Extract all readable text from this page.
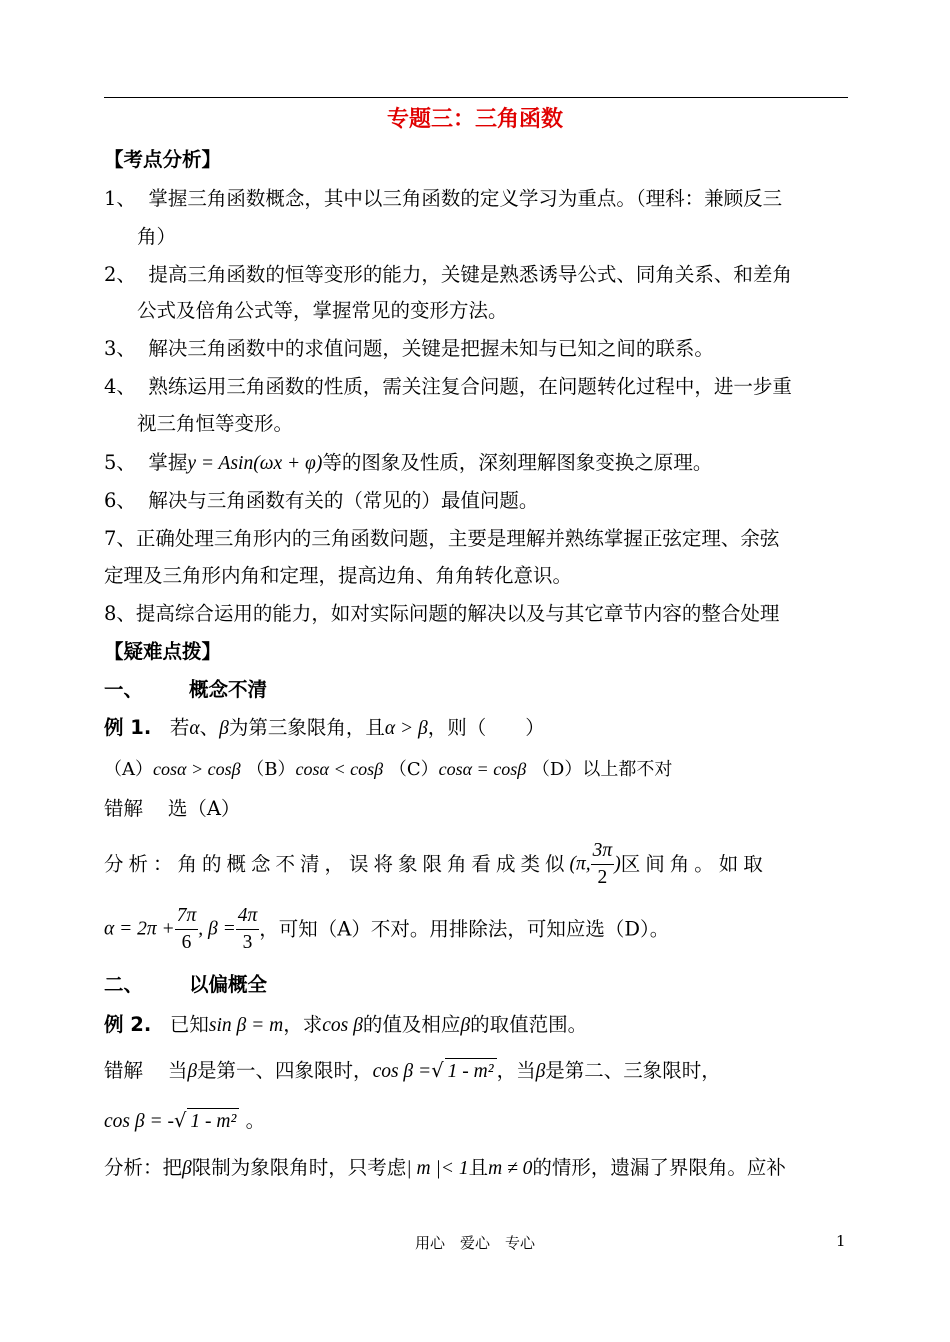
专题三：三角函数
【考点分析】
1、 掌握三角函数概念，其中以三角函数的定义学习为重点。（理科：兼顾反三
角）
2、 提高三角函数的恒等变形的能力，关键是熟悉诱导公式、同角关系、和差角
公式及倍角公式等，掌握常见的变形方法。
3、 解决三角函数中的求值问题，关键是把握未知与已知之间的联系。
4、 熟练运用三角函数的性质，需关注复合问题，在问题转化过程中，进一步重
视三角恒等变形。
5、 掌握y = Asin(ωx + φ)等的图象及性质，深刻理解图象变换之原理。
6、 解决与三角函数有关的（常见的）最值问题。
7、正确处理三角形内的三角函数问题，主要是理解并熟练掌握正弦定理、余弦
定理及三角形内角和定理，提高边角、角角转化意识。
8、提高综合运用的能力，如对实际问题的解决以及与其它章节内容的整合处理
【疑难点拨】
一、 概念不清
例 1. 若α、β为第三象限角，且α > β，则（　　）
（A）cosα > cosβ （B）cosα < cosβ （C）cosα = cosβ （D）以上都不对
错解 选（A）
分析：角的概念不清，误将象限角看成类似(π, $\frac{3\pi}{2}$ )区间角。如取
$\alpha = 2\pi + \frac{7\pi}{6}$ , $\beta = \frac{4\pi}{3}$ ，可知（A）不对。用排除法，可知应选（D）。
二、 以偏概全
例 2. 已知sin β = m，求cos β的值及相应β的取值范围。
错解 当β是第一、四象限时，cos β =√ 1 - m² ，当β是第二、三象限时，
cos β = -√ 1 - m² 。
分析：把β限制为象限角时，只考虑| m |< 1且m ≠ 0的情形，遗漏了界限角。应补
用心　爱心　专心	1
